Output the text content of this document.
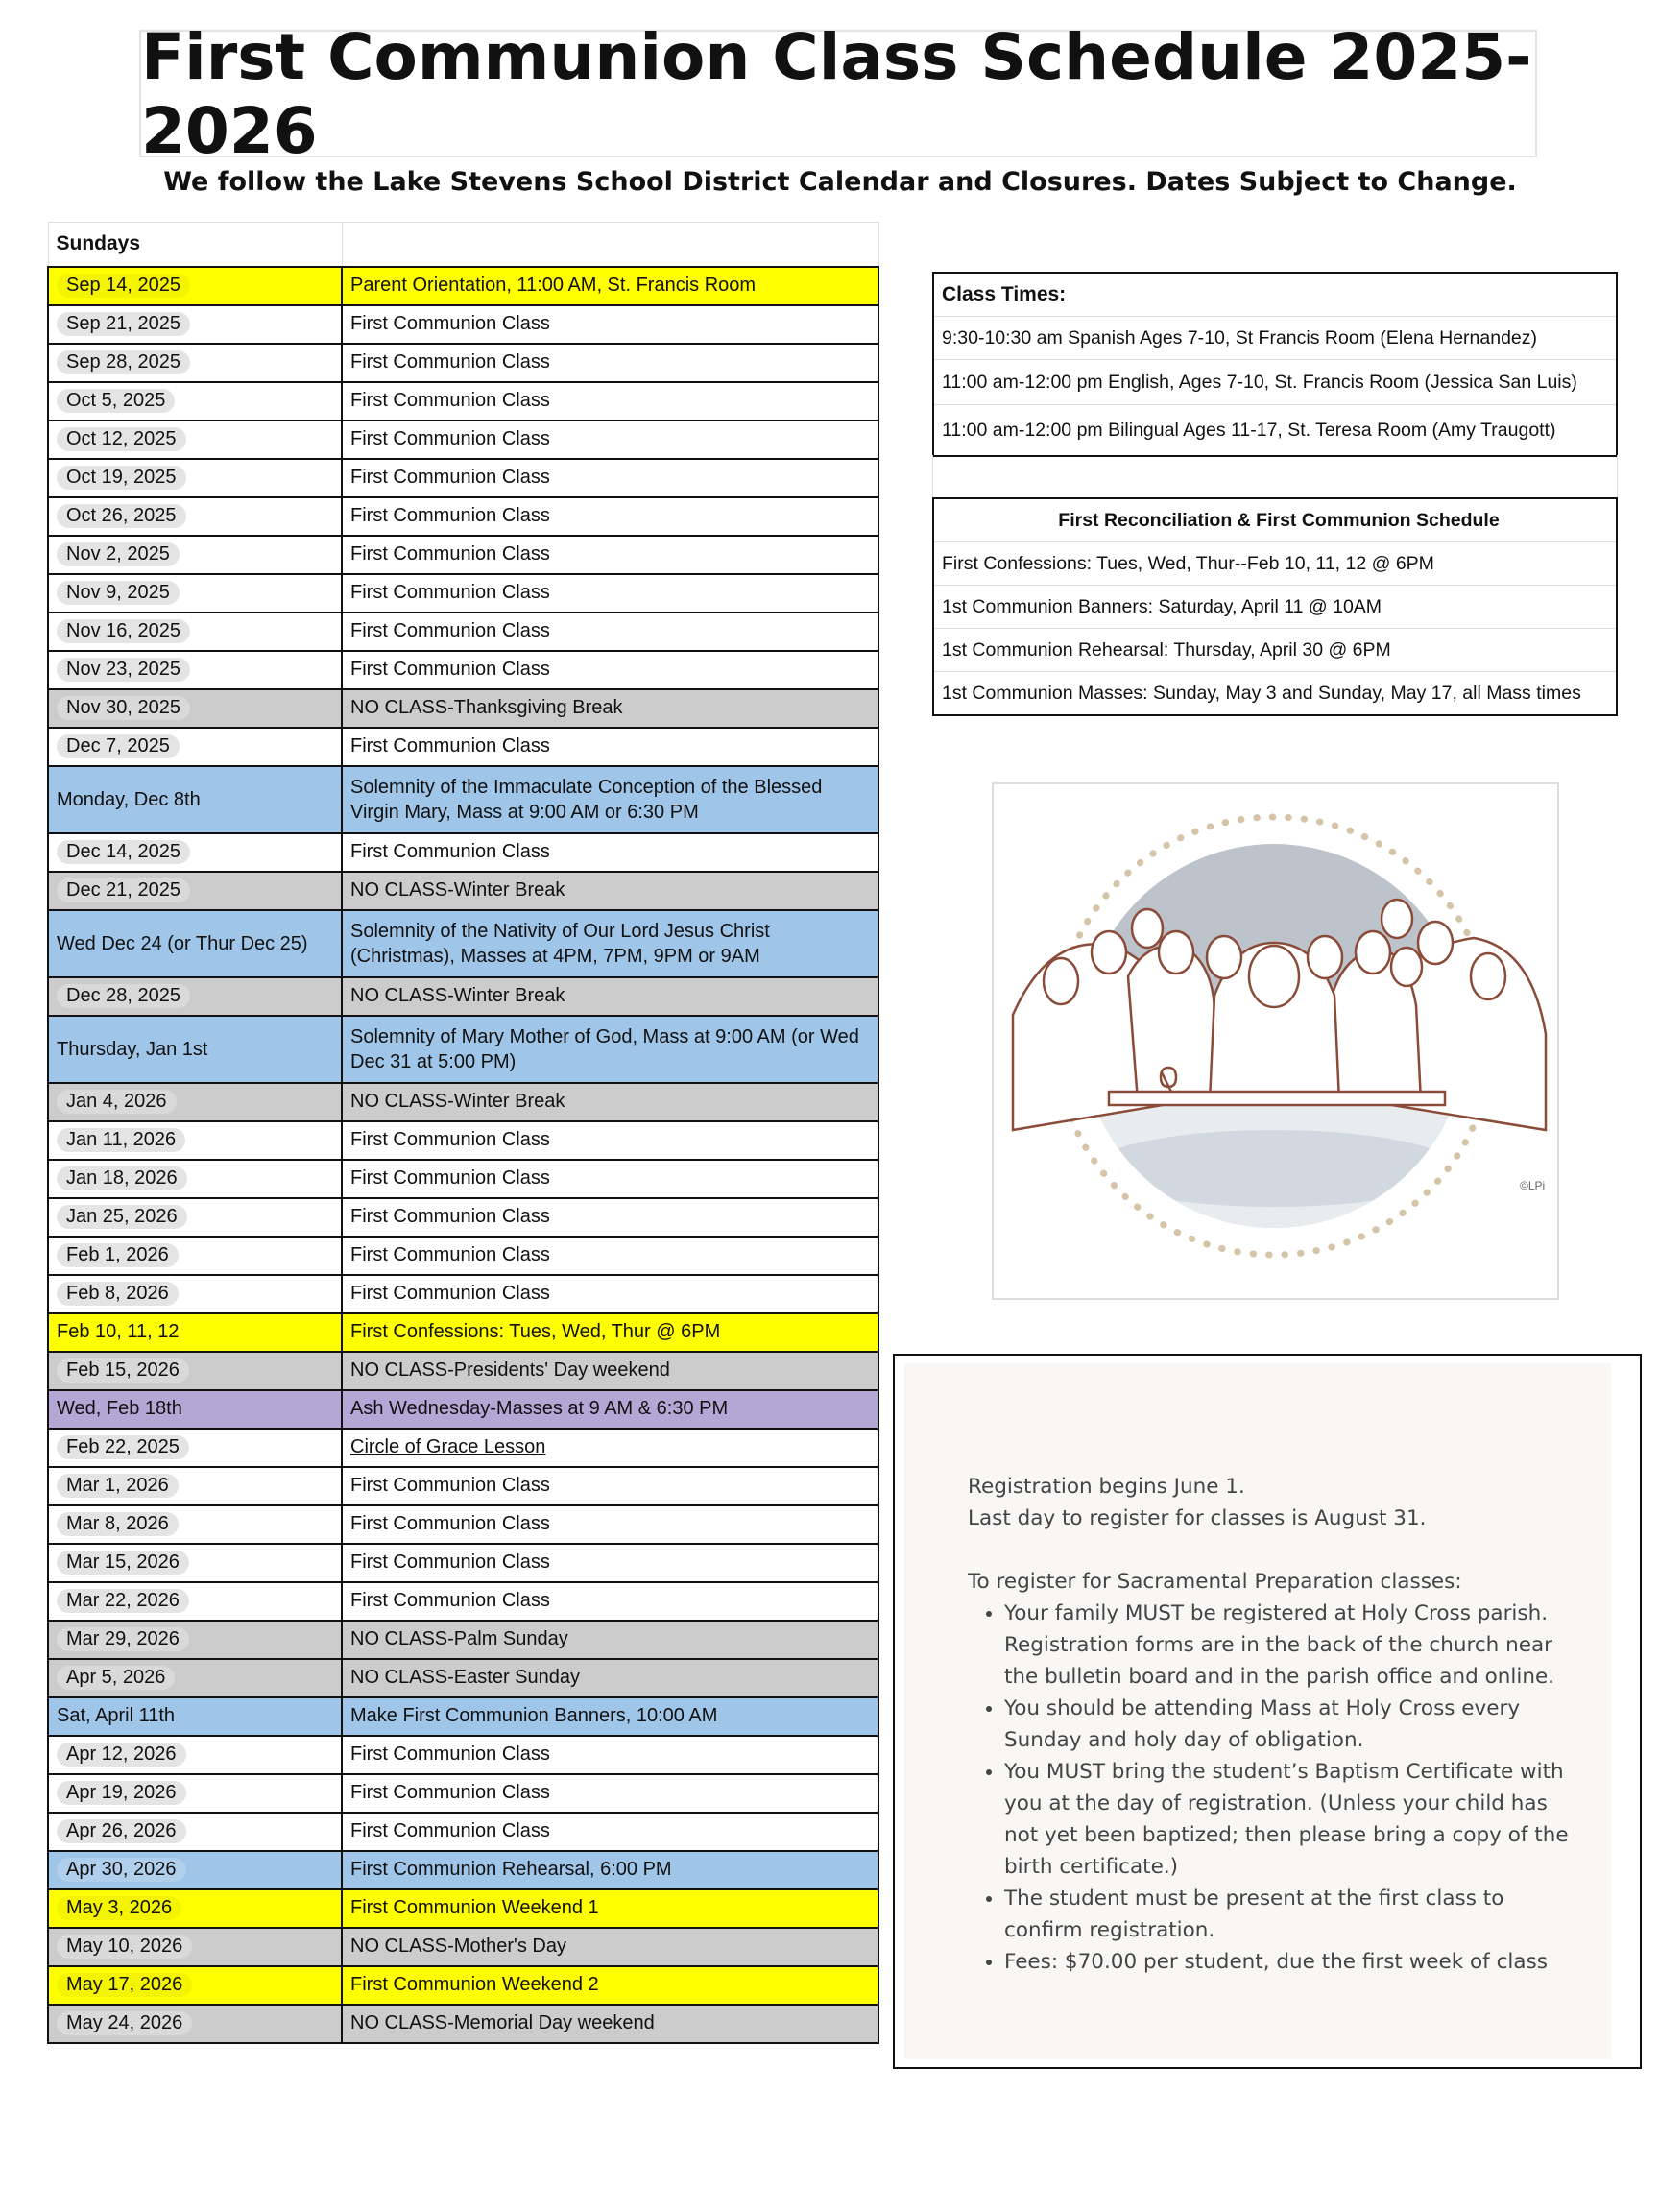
First Communion Class Schedule 2025-2026
We follow the Lake Stevens School District Calendar and Closures. Dates Subject to Change.
Sundays	
Sep 14, 2025	Parent Orientation, 11:00 AM, St. Francis Room
Sep 21, 2025	First Communion Class
Sep 28, 2025	First Communion Class
Oct 5, 2025	First Communion Class
Oct 12, 2025	First Communion Class
Oct 19, 2025	First Communion Class
Oct 26, 2025	First Communion Class
Nov 2, 2025	First Communion Class
Nov 9, 2025	First Communion Class
Nov 16, 2025	First Communion Class
Nov 23, 2025	First Communion Class
Nov 30, 2025	NO CLASS-Thanksgiving Break
Dec 7, 2025	First Communion Class
Monday, Dec 8th	Solemnity of the Immaculate Conception of the Blessed Virgin Mary, Mass at 9:00 AM or 6:30 PM
Dec 14, 2025	First Communion Class
Dec 21, 2025	NO CLASS-Winter Break
Wed Dec 24 (or Thur Dec 25)	Solemnity of the Nativity of Our Lord Jesus Christ (Christmas), Masses at 4PM, 7PM, 9PM or 9AM
Dec 28, 2025	NO CLASS-Winter Break
Thursday, Jan 1st	Solemnity of Mary Mother of God, Mass at 9:00 AM (or Wed Dec 31 at 5:00 PM)
Jan 4, 2026	NO CLASS-Winter Break
Jan 11, 2026	First Communion Class
Jan 18, 2026	First Communion Class
Jan 25, 2026	First Communion Class
Feb 1, 2026	First Communion Class
Feb 8, 2026	First Communion Class
Feb 10, 11, 12	First Confessions: Tues, Wed, Thur @ 6PM
Feb 15, 2026	NO CLASS-Presidents' Day weekend
Wed, Feb 18th	Ash Wednesday-Masses at 9 AM & 6:30 PM
Feb 22, 2025	Circle of Grace Lesson
Mar 1, 2026	First Communion Class
Mar 8, 2026	First Communion Class
Mar 15, 2026	First Communion Class
Mar 22, 2026	First Communion Class
Mar 29, 2026	NO CLASS-Palm Sunday
Apr 5, 2026	NO CLASS-Easter Sunday
Sat, April 11th	Make First Communion Banners, 10:00 AM
Apr 12, 2026	First Communion Class
Apr 19, 2026	First Communion Class
Apr 26, 2026	First Communion Class
Apr 30, 2026	First Communion Rehearsal, 6:00 PM
May 3, 2026	First Communion Weekend 1
May 10, 2026	NO CLASS-Mother's Day
May 17, 2026	First Communion Weekend 2
May 24, 2026	NO CLASS-Memorial Day weekend
Class Times:
9:30-10:30 am Spanish Ages 7-10, St Francis Room (Elena Hernandez)
11:00 am-12:00 pm English, Ages 7-10, St. Francis Room (Jessica San Luis)
11:00 am-12:00 pm Bilingual Ages 11-17, St. Teresa Room (Amy Traugott)
First Reconciliation & First Communion Schedule
First Confessions: Tues, Wed, Thur--Feb 10, 11, 12 @ 6PM
1st Communion Banners: Saturday, April 11 @ 10AM
1st Communion Rehearsal: Thursday, April 30 @ 6PM
1st Communion Masses: Sunday, May 3 and Sunday, May 17, all Mass times
©LPi

Registration begins June 1.

Last day to register for classes is August 31.

To register for Sacramental Preparation classes:

• Your family MUST be registered at Holy Cross parish. Registration forms are in the back of the church near the bulletin board and in the parish office and online.
• You should be attending Mass at Holy Cross every Sunday and holy day of obligation.
• You MUST bring the student’s Baptism Certificate with you at the day of registration. (Unless your child has not yet been baptized; then please bring a copy of the birth certificate.)
• The student must be present at the first class to confirm registration.
• Fees: $70.00 per student, due the first week of class
